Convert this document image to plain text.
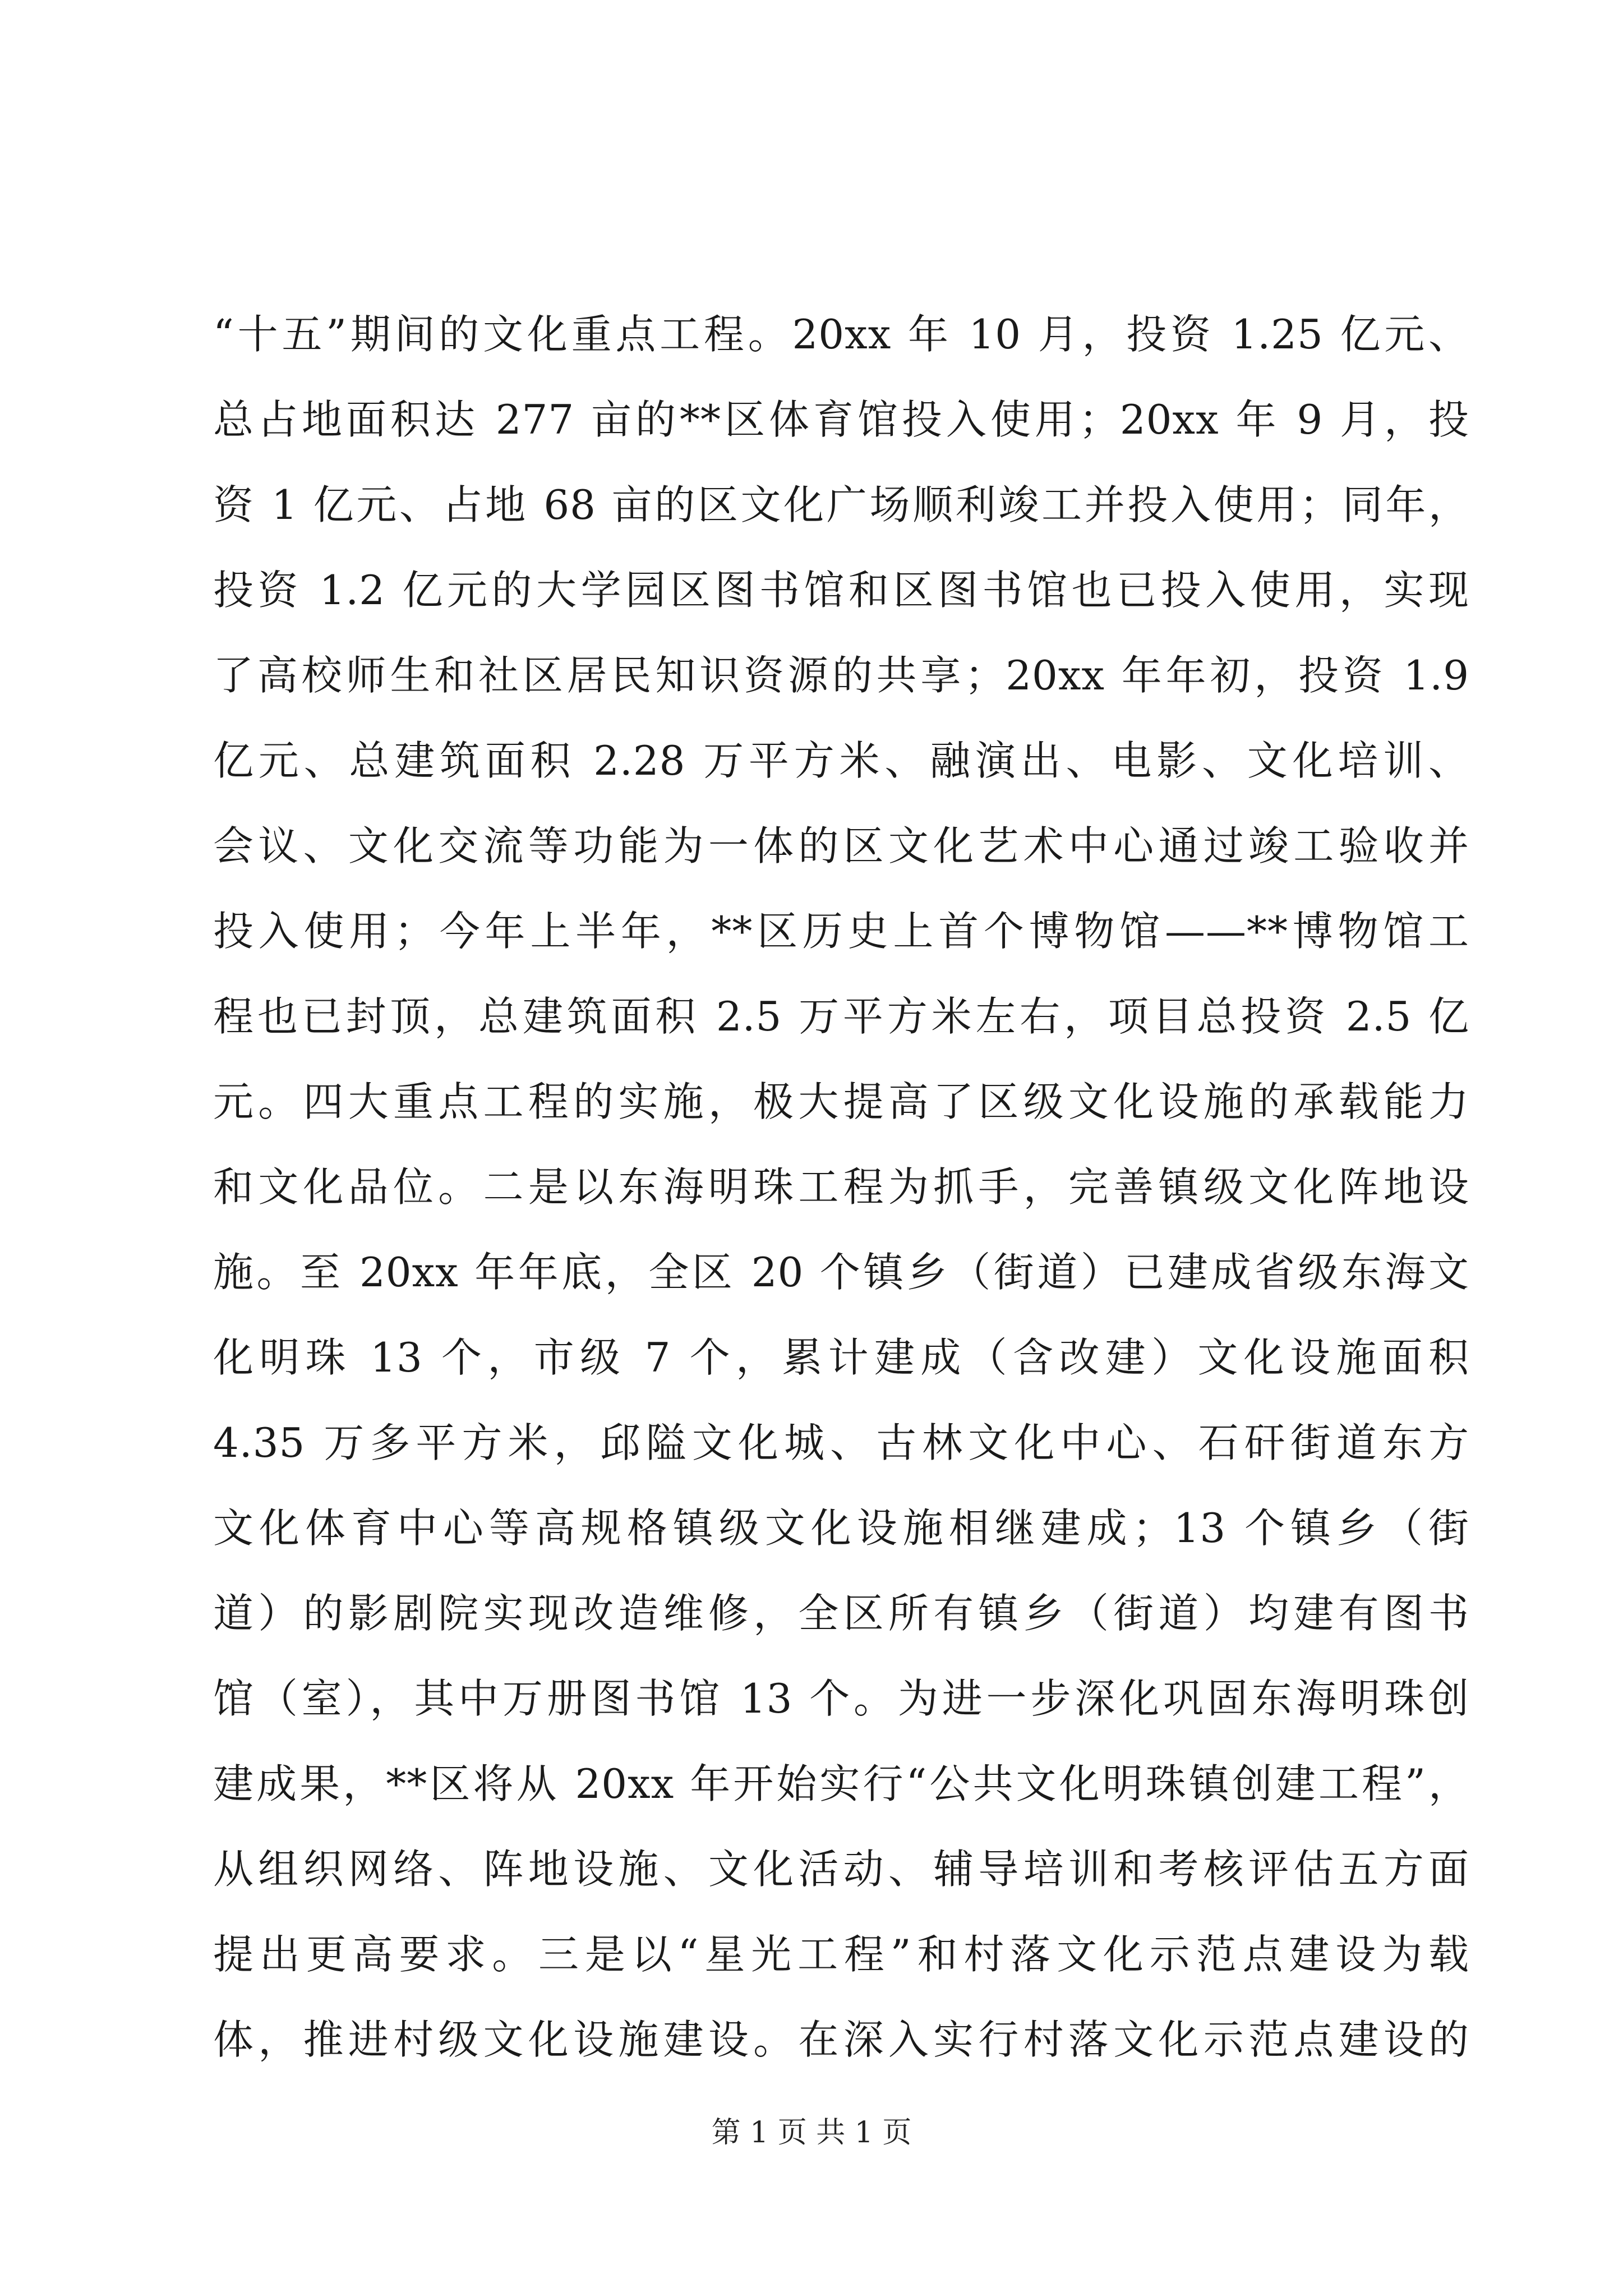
“十五”期间的文化重点工程。20xx 年 10 月，投资 1.25 亿元、
总占地面积达 277 亩的**区体育馆投入使用；20xx 年 9 月，投
资 1 亿元、占地 68 亩的区文化广场顺利竣工并投入使用；同年，
投资 1.2 亿元的大学园区图书馆和区图书馆也已投入使用，实现
了高校师生和社区居民知识资源的共享；20xx 年年初，投资 1.9
亿元、总建筑面积 2.28 万平方米、融演出、电影、文化培训、
会议、文化交流等功能为一体的区文化艺术中心通过竣工验收并
投入使用；今年上半年，**区历史上首个博物馆——**博物馆工
程也已封顶，总建筑面积 2.5 万平方米左右，项目总投资 2.5 亿
元。四大重点工程的实施，极大提高了区级文化设施的承载能力
和文化品位。二是以东海明珠工程为抓手，完善镇级文化阵地设
施。至 20xx 年年底，全区 20 个镇乡（街道）已建成省级东海文
化明珠 13 个，市级 7 个，累计建成（含改建）文化设施面积
4.35 万多平方米，邱隘文化城、古林文化中心、石矸街道东方
文化体育中心等高规格镇级文化设施相继建成；13 个镇乡（街
道）的影剧院实现改造维修，全区所有镇乡（街道）均建有图书
馆（室），其中万册图书馆 13 个。为进一步深化巩固东海明珠创
建成果，**区将从 20xx 年开始实行“公共文化明珠镇创建工程”，
从组织网络、阵地设施、文化活动、辅导培训和考核评估五方面
提出更高要求。三是以“星光工程”和村落文化示范点建设为载
体，推进村级文化设施建设。在深入实行村落文化示范点建设的
第 1 页 共 1 页
